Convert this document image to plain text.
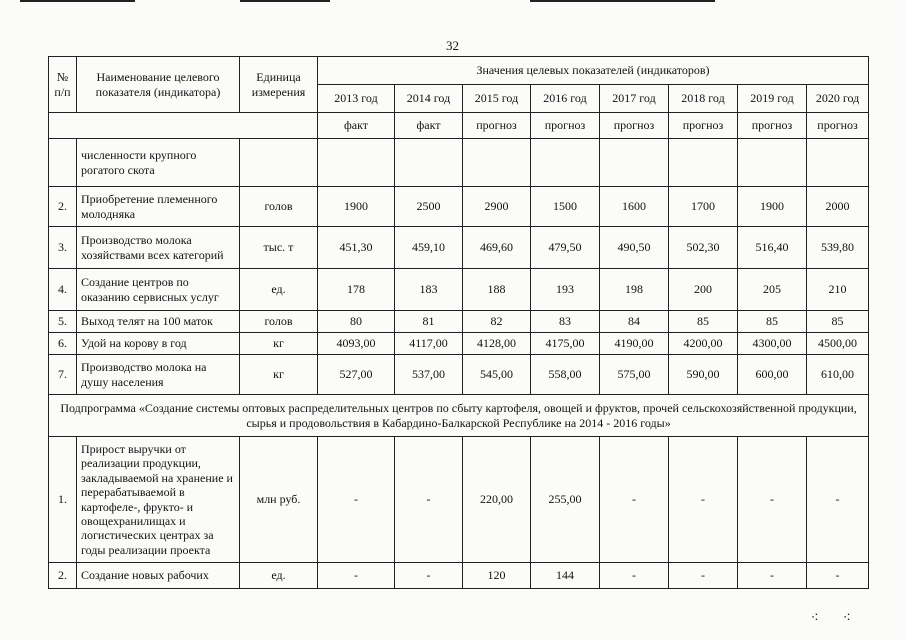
32
№ п/п	Наименование целевого показателя (индикатора)	Единица измерения	Значения целевых показателей (индикаторов)							
			2013 год	2014 год	2015 год	2016 год	2017 год	2018 год	2019 год	2020 год
			факт	факт	прогноз	прогноз	прогноз	прогноз	прогноз	прогноз
	численности крупного рогатого скота									
2.	Приобретение племенного молодняка	голов	1900	2500	2900	1500	1600	1700	1900	2000
3.	Производство молока хозяйствами всех категорий	тыс. т	451,30	459,10	469,60	479,50	490,50	502,30	516,40	539,80
4.	Создание центров по оказанию сервисных услуг	ед.	178	183	188	193	198	200	205	210
5.	Выход телят на 100 маток	голов	80	81	82	83	84	85	85	85
6.	Удой на корову в год	кг	4093,00	4117,00	4128,00	4175,00	4190,00	4200,00	4300,00	4500,00
7.	Производство молока на душу населения	кг	527,00	537,00	545,00	558,00	575,00	590,00	600,00	610,00
Подпрограмма «Создание системы оптовых распределительных центров по сбыту картофеля, овощей и фруктов, прочей сельскохозяйственной продукции, сырья и продовольствия в Кабардино-Балкарской Республике на 2014 - 2016 годы»										
1.	Прирост выручки от реализации продукции, закладываемой на хранение и перерабатываемой в картофеле-, фрукто- и овощехранилищах и логистических центрах за годы реализации проекта	млн руб.	-	-	220,00	255,00	-	-	-	-
2.	Создание новых рабочих	ед.	-	-	120	144	-	-	-	-
⁖⁖
